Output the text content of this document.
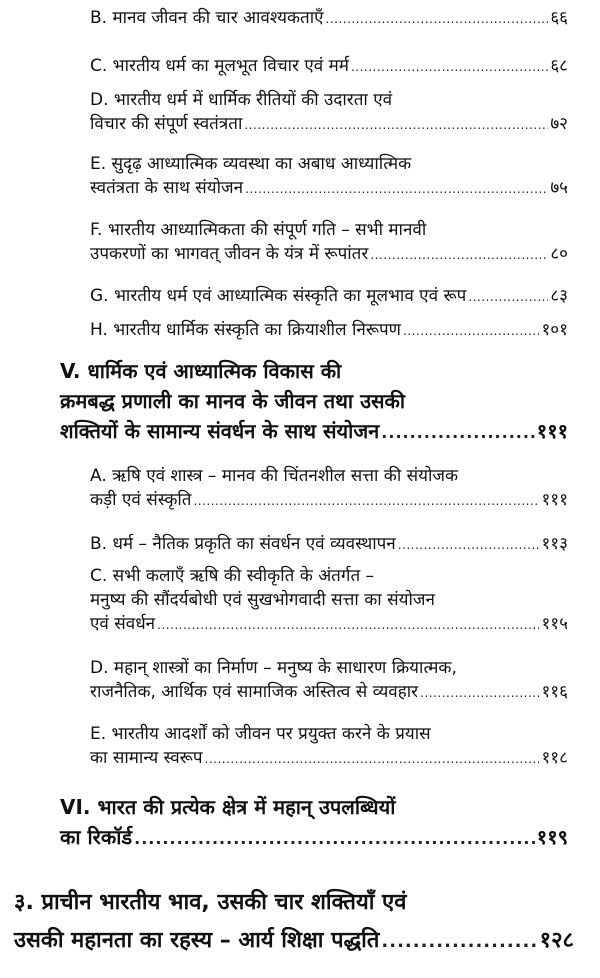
B. मानव जीवन की चार आवश्यकताएँ .....	६६
C. भारतीय धर्म का मूलभूत विचार एवं मर्म .....	६८
D. भारतीय धर्म में धार्मिक रीतियों की उदारता एवं
विचार की संपूर्ण स्वतंत्रता .....	७२
E. सुदृढ़ आध्यात्मिक व्यवस्था का अबाध आध्यात्मिक
स्वतंत्रता के साथ संयोजन .....	७५
F. भारतीय आध्यात्मिकता की संपूर्ण गति – सभी मानवी
उपकरणों का भागवत् जीवन के यंत्र में रूपांतर .....	८०
G. भारतीय धर्म एवं आध्यात्मिक संस्कृति का मूलभाव एवं रूप .....	८३
H. भारतीय धार्मिक संस्कृति का क्रियाशील निरूपण .....	१०१
V. धार्मिक एवं आध्यात्मिक विकास की
क्रमबद्ध प्रणाली का मानव के जीवन तथा उसकी
शक्तियों के सामान्य संवर्धन के साथ संयोजन .....	१११
A. ऋषि एवं शास्त्र – मानव की चिंतनशील सत्ता की संयोजक
कड़ी एवं संस्कृति .....	१११
B. धर्म – नैतिक प्रकृति का संवर्धन एवं व्यवस्थापन .....	११३
C. सभी कलाएँ ऋषि की स्वीकृति के अंतर्गत –
मनुष्य की सौंदर्यबोधी एवं सुखभोगवादी सत्ता का संयोजन
एवं संवर्धन .....	११५
D. महान् शास्त्रों का निर्माण – मनुष्य के साधारण क्रियात्मक,
राजनैतिक, आर्थिक एवं सामाजिक अस्तित्व से व्यवहार .....	११६
E. भारतीय आदर्शों को जीवन पर प्रयुक्त करने के प्रयास
का सामान्य स्वरूप .....	११८
VI. भारत की प्रत्येक क्षेत्र में महान् उपलब्धियों
का रिकॉर्ड .....	११९
३. प्राचीन भारतीय भाव, उसकी चार शक्तियाँ एवं
उसकी महानता का रहस्य – आर्य शिक्षा पद्धति .....	१२८
